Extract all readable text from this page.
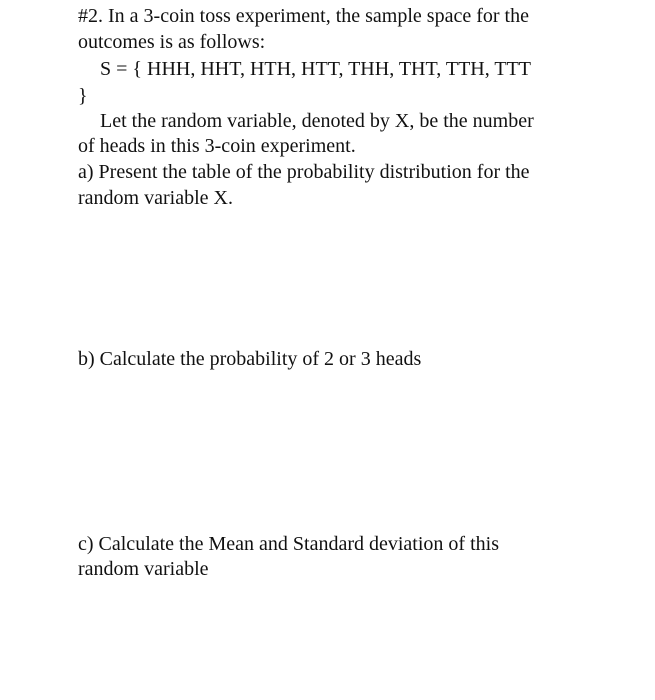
#2. In a 3-coin toss experiment, the sample space for the
outcomes is as follows:
S = { HHH, HHT, HTH, HTT, THH, THT, TTH, TTT
}
Let the random variable, denoted by X, be the number
of heads in this 3-coin experiment.
a) Present the table of the probability distribution for the
random variable X.
b) Calculate the probability of 2 or 3 heads
c) Calculate the Mean and Standard deviation of this
random variable
